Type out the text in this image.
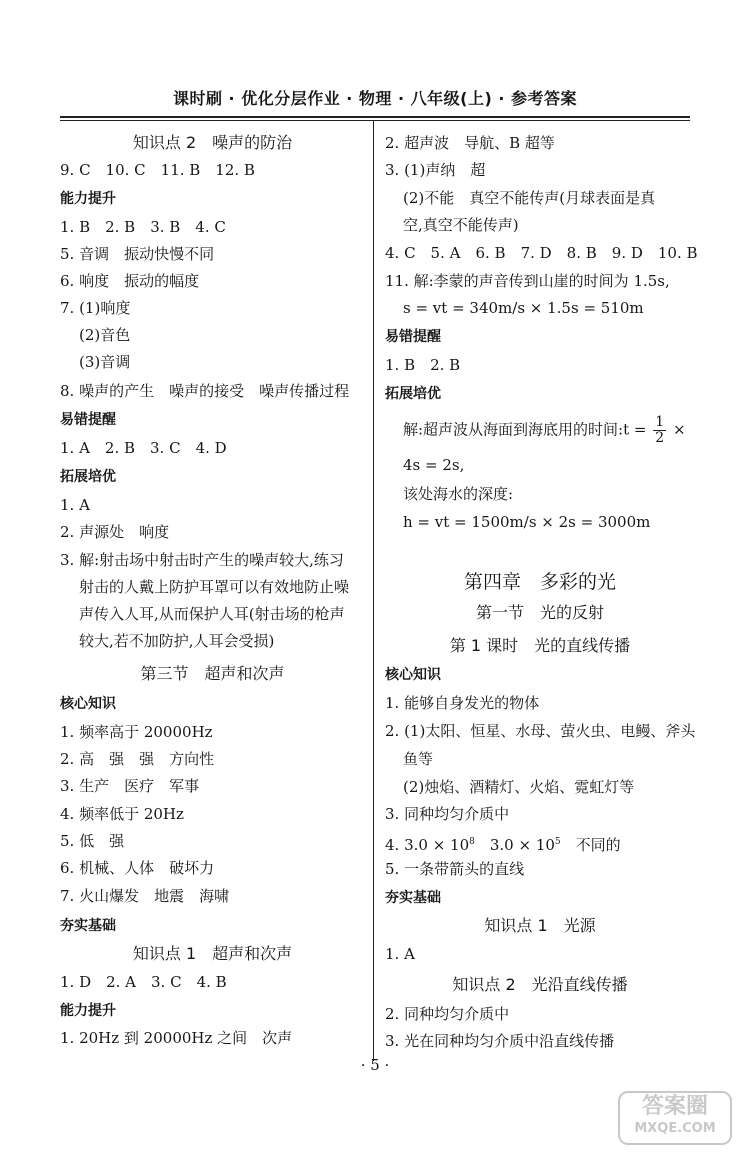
课时刷 · 优化分层作业 · 物理 · 八年级(上) · 参考答案
知识点 2　噪声的防治
9. C　10. C　11. B　12. B
能力提升
1. B　2. B　3. B　4. C
5. 音调　振动快慢不同
6. 响度　振动的幅度
7. (1)响度
(2)音色
(3)音调
8. 噪声的产生　噪声的接受　噪声传播过程
易错提醒
1. A　2. B　3. C　4. D
拓展培优
1. A
2. 声源处　响度
3. 解:射击场中射击时产生的噪声较大,练习
射击的人戴上防护耳罩可以有效地防止噪
声传入人耳,从而保护人耳(射击场的枪声
较大,若不加防护,人耳会受损)
第三节　超声和次声
核心知识
1. 频率高于 20000Hz
2. 高　强　强　方向性
3. 生产　医疗　军事
4. 频率低于 20Hz
5. 低　强
6. 机械、人体　破坏力
7. 火山爆发　地震　海啸
夯实基础
知识点 1　超声和次声
1. D　2. A　3. C　4. B
能力提升
1. 20Hz 到 20000Hz 之间　次声
2. 超声波　导航、B 超等
3. (1)声纳　超
(2)不能　真空不能传声(月球表面是真
空,真空不能传声)
4. C　5. A　6. B　7. D　8. B　9. D　10. B
11. 解:李蒙的声音传到山崖的时间为 1.5s,
s = vt = 340m/s × 1.5s = 510m
易错提醒
1. B　2. B
拓展培优
解:超声波从海面到海底用的时间:t = $\frac{1}{2}$ ×
4s = 2s,
该处海水的深度:
h = vt = 1500m/s × 2s = 3000m
第四章　多彩的光
第一节　光的反射
第 1 课时　光的直线传播
核心知识
1. 能够自身发光的物体
2. (1)太阳、恒星、水母、萤火虫、电鳗、斧头
鱼等
(2)烛焰、酒精灯、火焰、霓虹灯等
3. 同种均匀介质中
4. $3.0 \times 10^8$　$3.0 \times 10^5$　不同的
5. 一条带箭头的直线
夯实基础
知识点 1　光源
1. A
知识点 2　光沿直线传播
2. 同种均匀介质中
3. 光在同种均匀介质中沿直线传播
· 5 ·
答案圈
MXQE.COM
